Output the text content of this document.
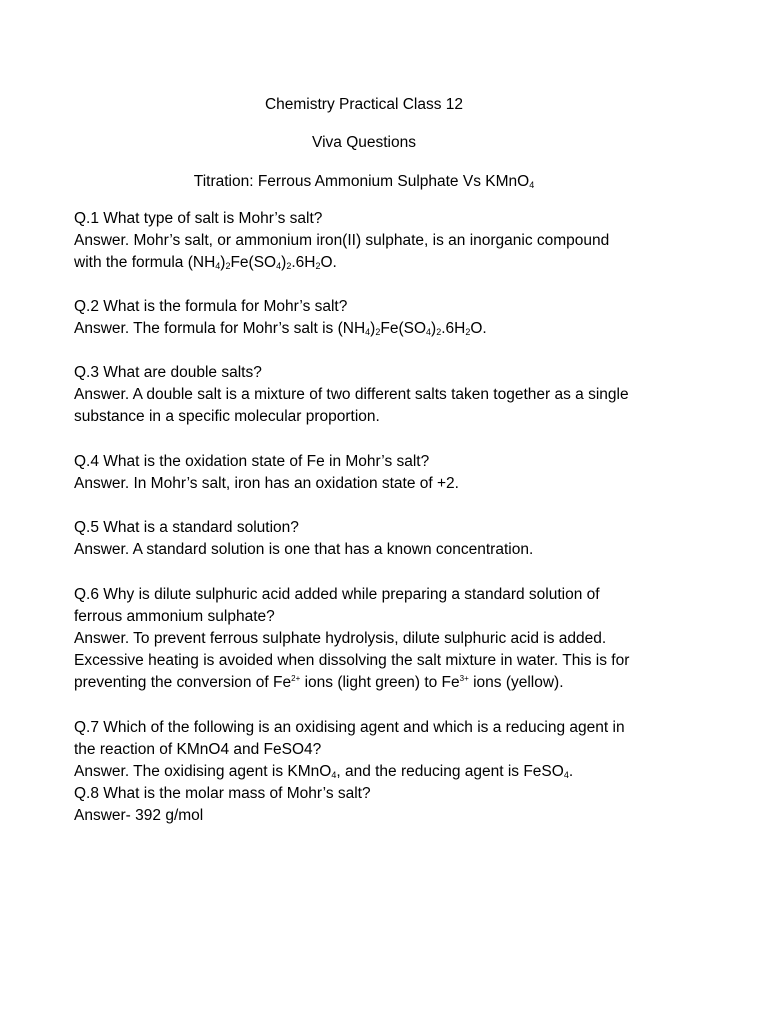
Chemistry Practical Class 12
Viva Questions
Titration: Ferrous Ammonium Sulphate Vs KMnO$_4$
Q.1 What type of salt is Mohr’s salt?
Answer. Mohr’s salt, or ammonium iron(II) sulphate, is an inorganic compound
with the formula $(NH_4)_2Fe(SO_4)_2.6H_2O$.
Q.2 What is the formula for Mohr’s salt?
Answer. The formula for Mohr’s salt is $(NH_4)_2Fe(SO_4)_2.6H_2O$.
Q.3 What are double salts?
Answer. A double salt is a mixture of two different salts taken together as a single
substance in a specific molecular proportion.
Q.4 What is the oxidation state of Fe in Mohr’s salt?
Answer. In Mohr’s salt, iron has an oxidation state of +2.
Q.5 What is a standard solution?
Answer. A standard solution is one that has a known concentration.
Q.6 Why is dilute sulphuric acid added while preparing a standard solution of
ferrous ammonium sulphate?
Answer. To prevent ferrous sulphate hydrolysis, dilute sulphuric acid is added.
Excessive heating is avoided when dissolving the salt mixture in water. This is for
preventing the conversion of $Fe^{2+}$ ions (light green) to $Fe^{3+}$ ions (yellow).
Q.7 Which of the following is an oxidising agent and which is a reducing agent in
the reaction of KMnO4 and FeSO4?
Answer. The oxidising agent is KMnO$_4$, and the reducing agent is FeSO$_4$.
Q.8 What is the molar mass of Mohr’s salt?
Answer- 392 g/mol
